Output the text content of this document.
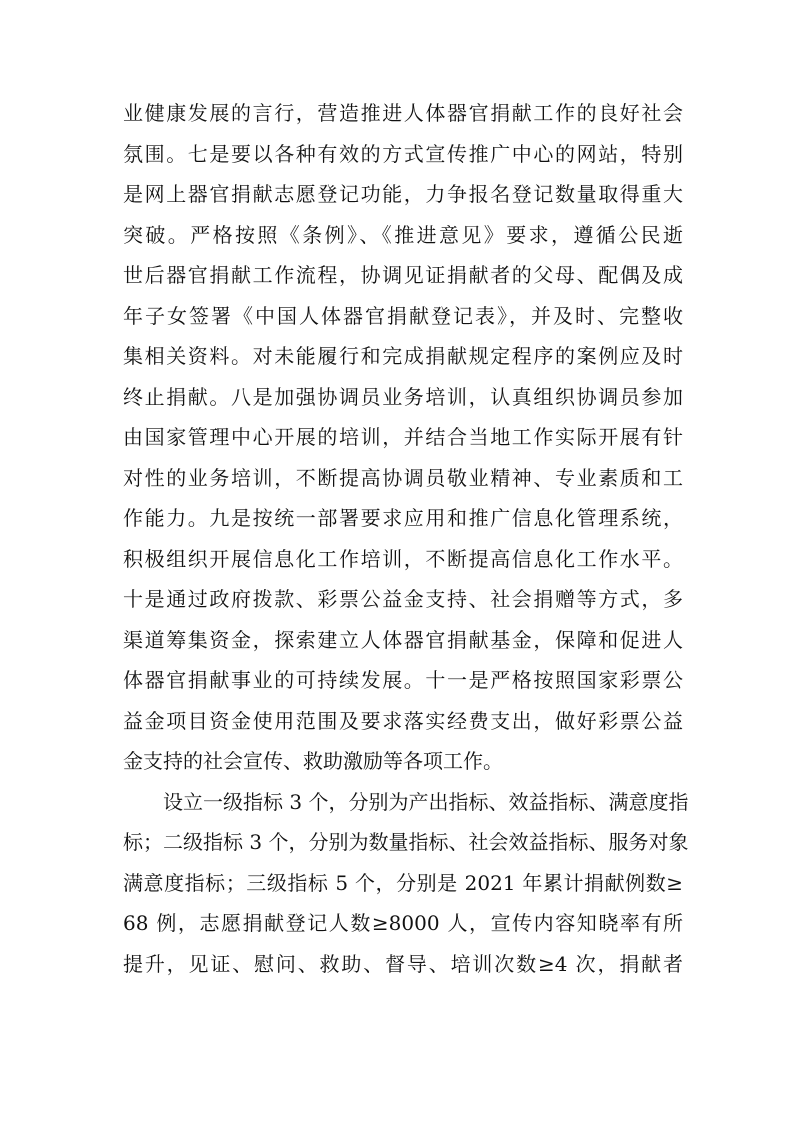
业健康发展的言行，营造推进人体器官捐献工作的良好社会
氛围。七是要以各种有效的方式宣传推广中心的网站，特别
是网上器官捐献志愿登记功能，力争报名登记数量取得重大
突破。严格按照《条例》、《推进意见》要求，遵循公民逝
世后器官捐献工作流程，协调见证捐献者的父母、配偶及成
年子女签署《中国人体器官捐献登记表》，并及时、完整收
集相关资料。对未能履行和完成捐献规定程序的案例应及时
终止捐献。八是加强协调员业务培训，认真组织协调员参加
由国家管理中心开展的培训，并结合当地工作实际开展有针
对性的业务培训，不断提高协调员敬业精神、专业素质和工
作能力。九是按统一部署要求应用和推广信息化管理系统，
积极组织开展信息化工作培训，不断提高信息化工作水平。
十是通过政府拨款、彩票公益金支持、社会捐赠等方式，多
渠道筹集资金，探索建立人体器官捐献基金，保障和促进人
体器官捐献事业的可持续发展。十一是严格按照国家彩票公
益金项目资金使用范围及要求落实经费支出，做好彩票公益
金支持的社会宣传、救助激励等各项工作。
设立一级指标 3 个，分别为产出指标、效益指标、满意度指
标；二级指标 3 个，分别为数量指标、社会效益指标、服务对象
满意度指标；三级指标 5 个，分别是 2021 年累计捐献例数≥
68 例，志愿捐献登记人数≥8000 人，宣传内容知晓率有所
提升，见证、慰问、救助、督导、培训次数≥4 次，捐献者
